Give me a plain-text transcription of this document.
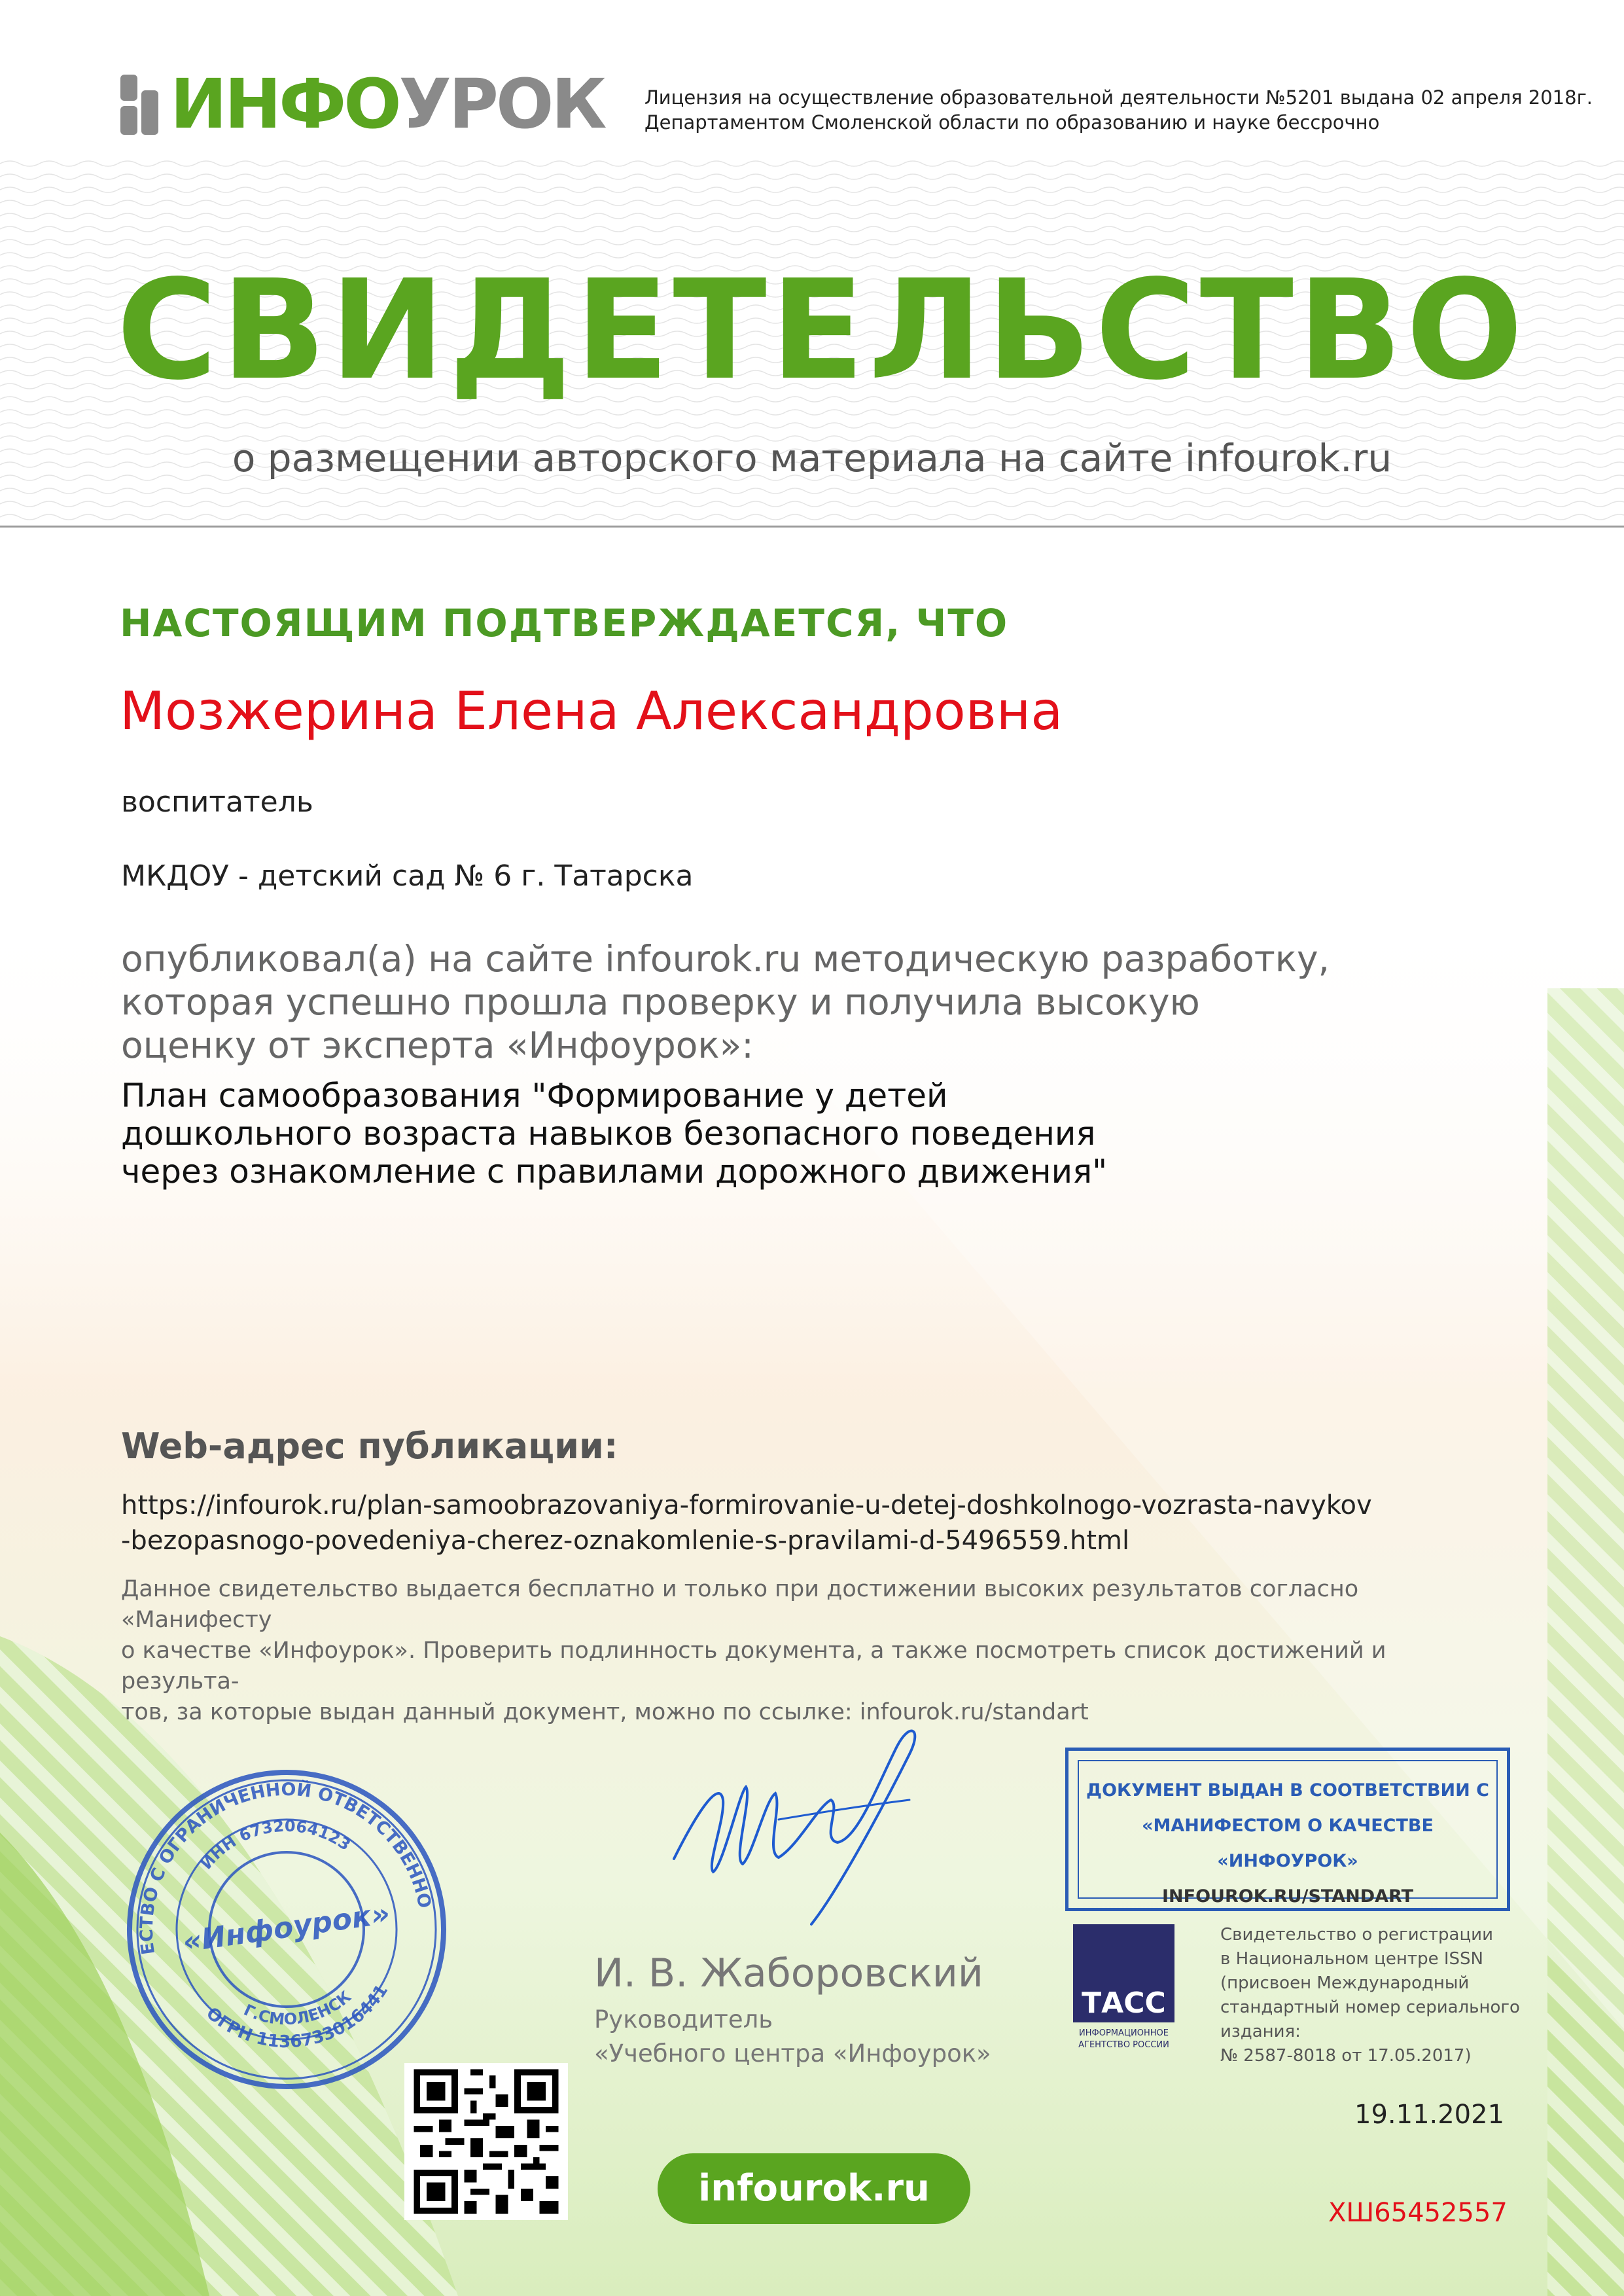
ИНФОУРОК Лицензия на осуществление образовательной деятельности №5201 выдана 02 апреля 2018г.
Департаментом Смоленской области по образованию и науке бессрочно
СВИДЕТЕЛЬСТВО
о размещении авторского материала на сайте infourok.ru
НАСТОЯЩИМ ПОДТВЕРЖДАЕТСЯ, ЧТО
Мозжерина Елена Александровна
воспитатель
МКДОУ - детский сад № 6 г. Татарска
опубликовал(а) на сайте infourok.ru методическую разработку,
которая успешно прошла проверку и получила высокую
оценку от эксперта «Инфоурок»:
План самообразования "Формирование у детей
дошкольного возраста навыков безопасного поведения
через ознакомление с правилами дорожного движения"
Web-адрес публикации:
https://infourok.ru/plan-samoobrazovaniya-formirovanie-u-detej-doshkolnogo-vozrasta-navykov
-bezopasnogo-povedeniya-cherez-oznakomlenie-s-pravilami-d-5496559.html
Данное свидетельство выдается бесплатно и только при достижении высоких результатов согласно «Манифесту
о качестве «Инфоурок». Проверить подлинность документа, а также посмотреть список достижений и результа-
тов, за которые выдан данный документ, можно по ссылке: infourok.ru/standart
ОБЩЕСТВО С ОГРАНИЧЕННОЙ ОТВЕТСТВЕННОСТЬЮ
ИНН 6732064123
ОГРН 1136733016441
Г.СМОЛЕНСК
«Инфоурок»
И. В. Жаборовский
Руководитель
«Учебного центра «Инфоурок»
ДОКУМЕНТ ВЫДАН В СООТВЕТСТВИИ С
«МАНИФЕСТОМ О КАЧЕСТВЕ «ИНФОУРОК»
INFOUROK.RU/STANDART
ТАСС
ИНФОРМАЦИОННОЕ
АГЕНТСТВО РОССИИ
Свидетельство о регистрации
в Национальном центре ISSN
(присвоен Международный
стандартный номер сериального
издания:
№ 2587-8018 от 17.05.2017)
infourok.ru
19.11.2021
ХШ65452557
